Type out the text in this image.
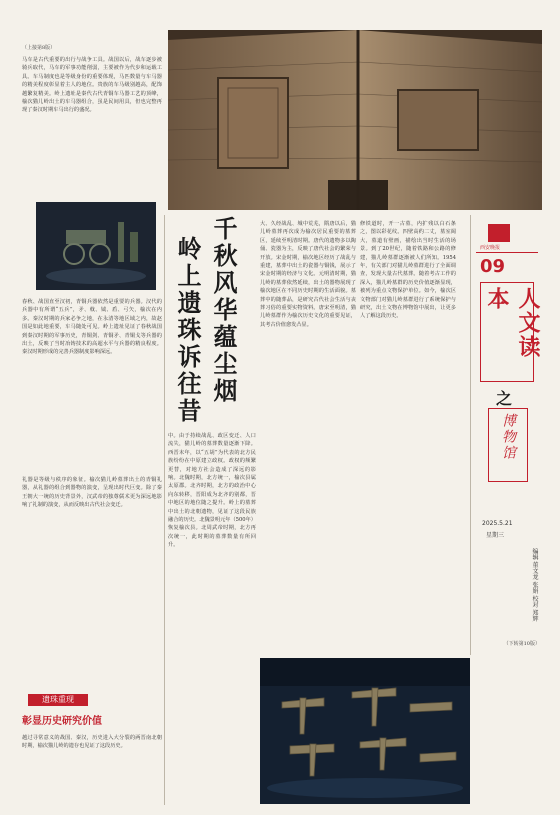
（上接第8版）
马车是古代重要的出行与战争工具。战国以后，战车逐步被骑兵取代，马车的军事功能削弱，主要被作为代步和运载工具。车马制度也是等级身份的重要体现，马匹数量与车马器的精美程度彰显着主人的地位。贵族的车马级别越高，配饰越繁复精美。岭上遗址是秦代古代青铜车马器工艺的顶峰，榆次猫儿岭出土的车马器组合，虽是民间用具，但也完整再现了秦汉时期车马出行的盛况。
春秋、战国直至汉初，青铜兵器依然是重要的兵器。汉代的兵器中有所谓“五兵”，矛、戟、钺、盾、弓矢，榆次在内多。秦汉时期的兵家必争之地，在永清等地区域之内，故赵国是如此地重要，车马随处可见。岭上遗址见证了春秋战国到秦汉时期的军事历史，青铜剑、青铜矛、青铜戈等兵器的出土，反映了当时冶铸技术的高超水平与兵器的精良程度。秦汉时期形成的完善兵器制度影响深远。
礼器是等级与秩序的象征。榆次猫儿岭墓葬出土的青铜礼器，从礼器的组合到器物的演变，呈现出时代巨变。除了秦王朝大一统的历史背景外，汉武帝的独尊儒术更为深远地影响了礼制的演变，从而反映出古代社会变迁。
遗珠重现
彰显历史研究价值
越过寻常意义的战国、秦汉，历史进入大分裂的两晋南北朝时期，榆次猫儿岭的遗存也见证了这段历史。
千秋风华蕴尘烟
岭上遗珠诉往昔
中。由于持续战乱、政区变迁、人口流失，猫儿岭的墓葬数量逐渐下降。西晋末年，以“五胡”为代表的北方民族纷纷在中原建立政权。政权的频繁更替，对地方社会造成了深远的影响。北魏时期，北方统一，榆次县属太原郡。北齐时期，北方的政治中心向东转移，晋阳成为北齐的别都，晋中地区的地位随之提升。岭上的墓葬中出土的北朝遗物，见证了这段民族融合的历史。北魏景明元年（500年）恢复榆次县。北周武帝时期，北方再次统一，此时期的墓葬数量有所回升。
大、久经战乱、城中荒芜，隋唐以后，猫儿岭墓葬再次成为榆次居民重要的墓葬区，延续至明清时期。唐代的遗物多以陶俑、瓷器为主，反映了唐代社会的繁荣与开放。宋金时期，榆次地区经历了战乱与重建，墓葬中出土的瓷器与铜钱，展示了宋金时期的经济与文化。元明清时期，猫儿岭的墓葬依然延续，出土的器物展现了榆次地区在不同历史时期的生活面貌。墓葬中的随葬品，是研究古代社会生活与丧葬习俗的重要实物资料。唐宋至明清，猫儿岭墓群作为榆次历史文化的重要见证，其考古价值愈发凸显。
修铁道时，开一古墓，内扩残以白石条之，图以彩花纹。四壁高约二丈，墓室阔大，墓道有壁画，描绘出当时生活的场景。到了20世纪，随着铁路和公路的修建，猫儿岭墓群逐渐被人们所知。1954年，有关部门对猫儿岭墓群进行了全面调查，发现大量古代墓葬。随着考古工作的深入，猫儿岭墓群的历史价值逐渐显现，被列为重点文物保护单位。如今，榆次区文物部门对猫儿岭墓群进行了系统保护与研究，出土文物在博物馆中展出，让更多人了解这段历史。
（下转第10版）
西安晚报
09
人文读本
之
博物馆
2025.5.21
星期三
编辑 董文龙 张娟 校对 郑辉
